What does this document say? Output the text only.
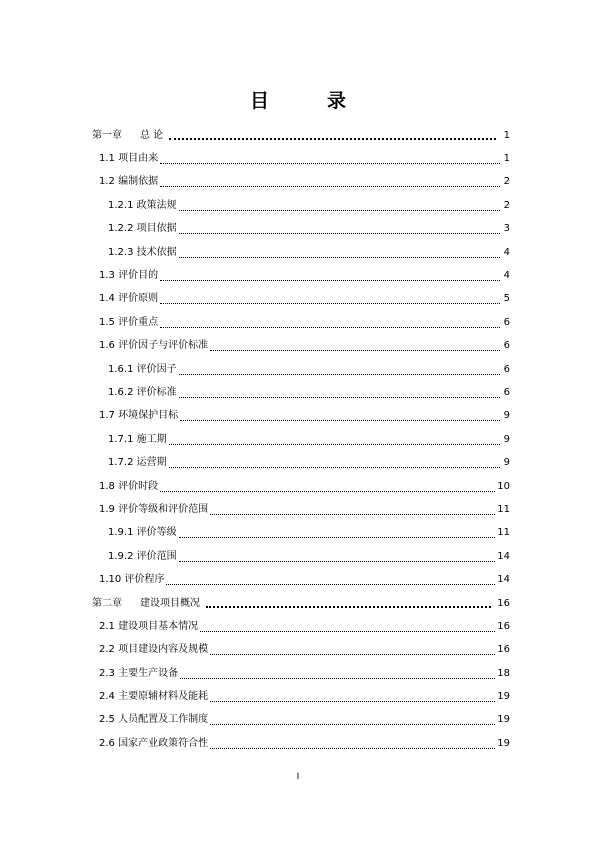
目	录
第一章 总 论	1
1.1 项目由来	1
1.2 编制依据	2
1.2.1 政策法规	2
1.2.2 项目依据	3
1.2.3 技术依据	4
1.3 评价目的	4
1.4 评价原则	5
1.5 评价重点	6
1.6 评价因子与评价标准	6
1.6.1 评价因子	6
1.6.2 评价标准	6
1.7 环境保护目标	9
1.7.1 施工期	9
1.7.2 运营期	9
1.8 评价时段	10
1.9 评价等级和评价范围	11
1.9.1 评价等级	11
1.9.2 评价范围	14
1.10 评价程序	14
第二章 建设项目概况	16
2.1 建设项目基本情况	16
2.2 项目建设内容及规模	16
2.3 主要生产设备	18
2.4 主要原辅材料及能耗	19
2.5 人员配置及工作制度	19
2.6 国家产业政策符合性	19
I
